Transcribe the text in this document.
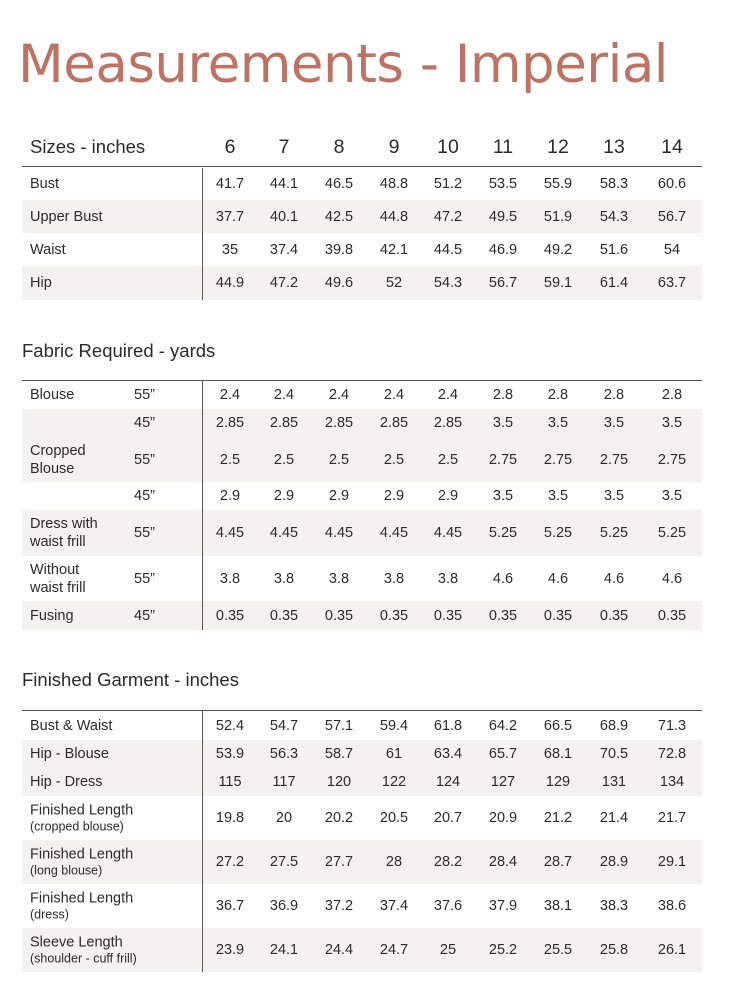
Measurements - Imperial
Sizes - inches	6	7	8	9	10	11	12	13	14
Bust	41.7	44.1	46.5	48.8	51.2	53.5	55.9	58.3	60.6
Upper Bust	37.7	40.1	42.5	44.8	47.2	49.5	51.9	54.3	56.7
Waist	35	37.4	39.8	42.1	44.5	46.9	49.2	51.6	54
Hip	44.9	47.2	49.6	52	54.3	56.7	59.1	61.4	63.7
Fabric Required - yards
Blouse	55”	2.4	2.4	2.4	2.4	2.4	2.8	2.8	2.8	2.8
45”	2.85	2.85	2.85	2.85	2.85	3.5	3.5	3.5	3.5
Cropped
Blouse
55”	2.5	2.5	2.5	2.5	2.5	2.75	2.75	2.75	2.75
45”	2.9	2.9	2.9	2.9	2.9	3.5	3.5	3.5	3.5
Dress with
waist frill
55”	4.45	4.45	4.45	4.45	4.45	5.25	5.25	5.25	5.25
Without
waist frill
55”	3.8	3.8	3.8	3.8	3.8	4.6	4.6	4.6	4.6
Fusing	45”	0.35	0.35	0.35	0.35	0.35	0.35	0.35	0.35	0.35
Finished Garment - inches
Bust & Waist	52.4	54.7	57.1	59.4	61.8	64.2	66.5	68.9	71.3
Hip - Blouse	53.9	56.3	58.7	61	63.4	65.7	68.1	70.5	72.8
Hip - Dress	115	117	120	122	124	127	129	131	134
Finished Length
(cropped blouse)
19.8	20	20.2	20.5	20.7	20.9	21.2	21.4	21.7
Finished Length
(long blouse)
27.2	27.5	27.7	28	28.2	28.4	28.7	28.9	29.1
Finished Length
(dress)
36.7	36.9	37.2	37.4	37.6	37.9	38.1	38.3	38.6
Sleeve Length
(shoulder - cuff frill)
23.9	24.1	24.4	24.7	25	25.2	25.5	25.8	26.1
